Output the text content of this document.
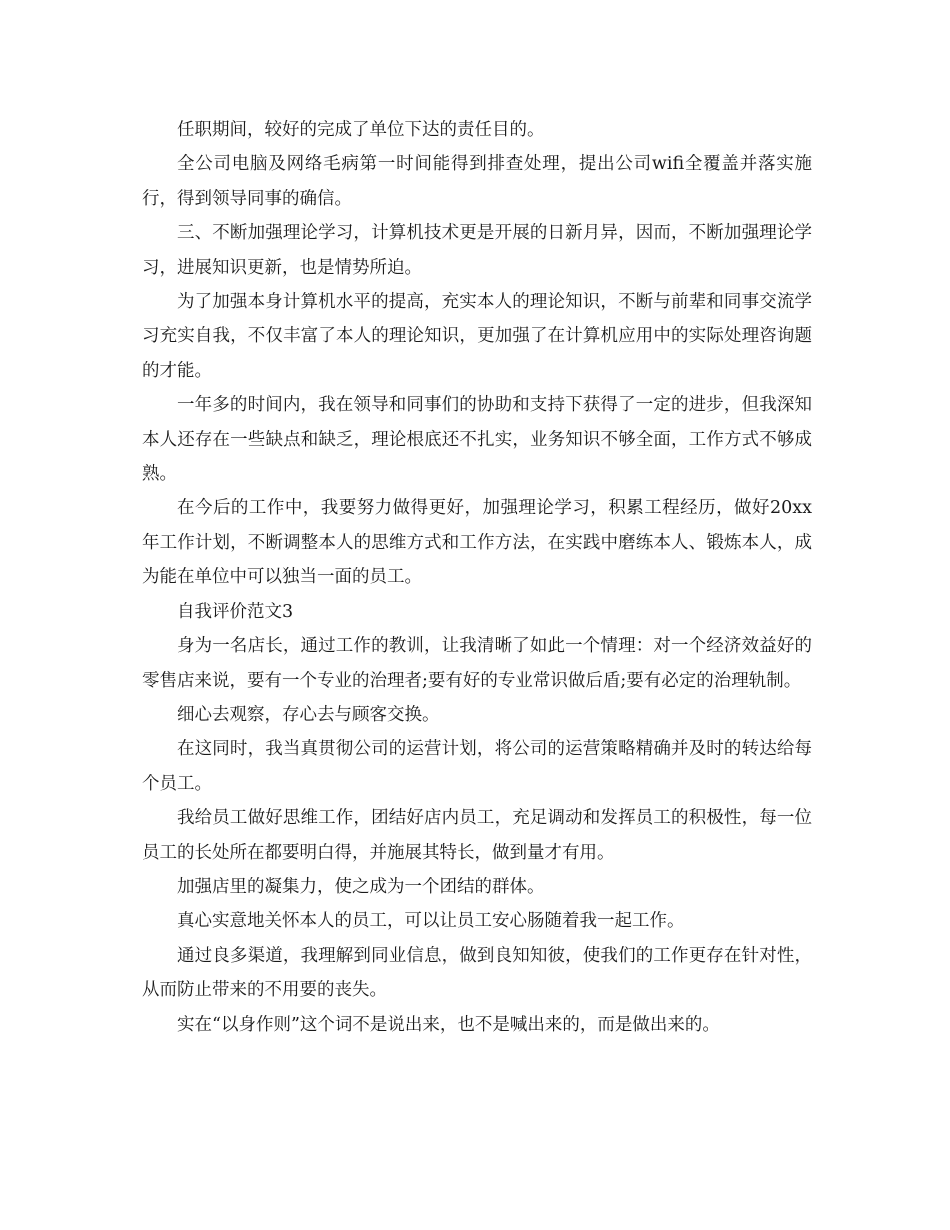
任职期间，较好的完成了单位下达的责任目的。

全公司电脑及网络毛病第一时间能得到排查处理，提出公司wifi全覆盖并落实施行，得到领导同事的确信。

三、不断加强理论学习，计算机技术更是开展的日新月异，因而，不断加强理论学习，进展知识更新，也是情势所迫。

为了加强本身计算机水平的提高，充实本人的理论知识，不断与前辈和同事交流学习充实自我，不仅丰富了本人的理论知识，更加强了在计算机应用中的实际处理咨询题的才能。

一年多的时间内，我在领导和同事们的协助和支持下获得了一定的进步，但我深知本人还存在一些缺点和缺乏，理论根底还不扎实，业务知识不够全面，工作方式不够成熟。

在今后的工作中，我要努力做得更好，加强理论学习，积累工程经历，做好20xx年工作计划，不断调整本人的思维方式和工作方法，在实践中磨练本人、锻炼本人，成为能在单位中可以独当一面的员工。

自我评价范文3

身为一名店长，通过工作的教训，让我清晰了如此一个情理：对一个经济效益好的零售店来说，要有一个专业的治理者;要有好的专业常识做后盾;要有必定的治理轨制。

细心去观察，存心去与顾客交换。

在这同时，我当真贯彻公司的运营计划，将公司的运营策略精确并及时的转达给每个员工。

我给员工做好思维工作，团结好店内员工，充足调动和发挥员工的积极性，每一位员工的长处所在都要明白得，并施展其特长，做到量才有用。

加强店里的凝集力，使之成为一个团结的群体。

真心实意地关怀本人的员工，可以让员工安心肠随着我一起工作。

通过良多渠道，我理解到同业信息，做到良知知彼，使我们的工作更存在针对性，从而防止带来的不用要的丧失。

实在“以身作则”这个词不是说出来，也不是喊出来的，而是做出来的。
